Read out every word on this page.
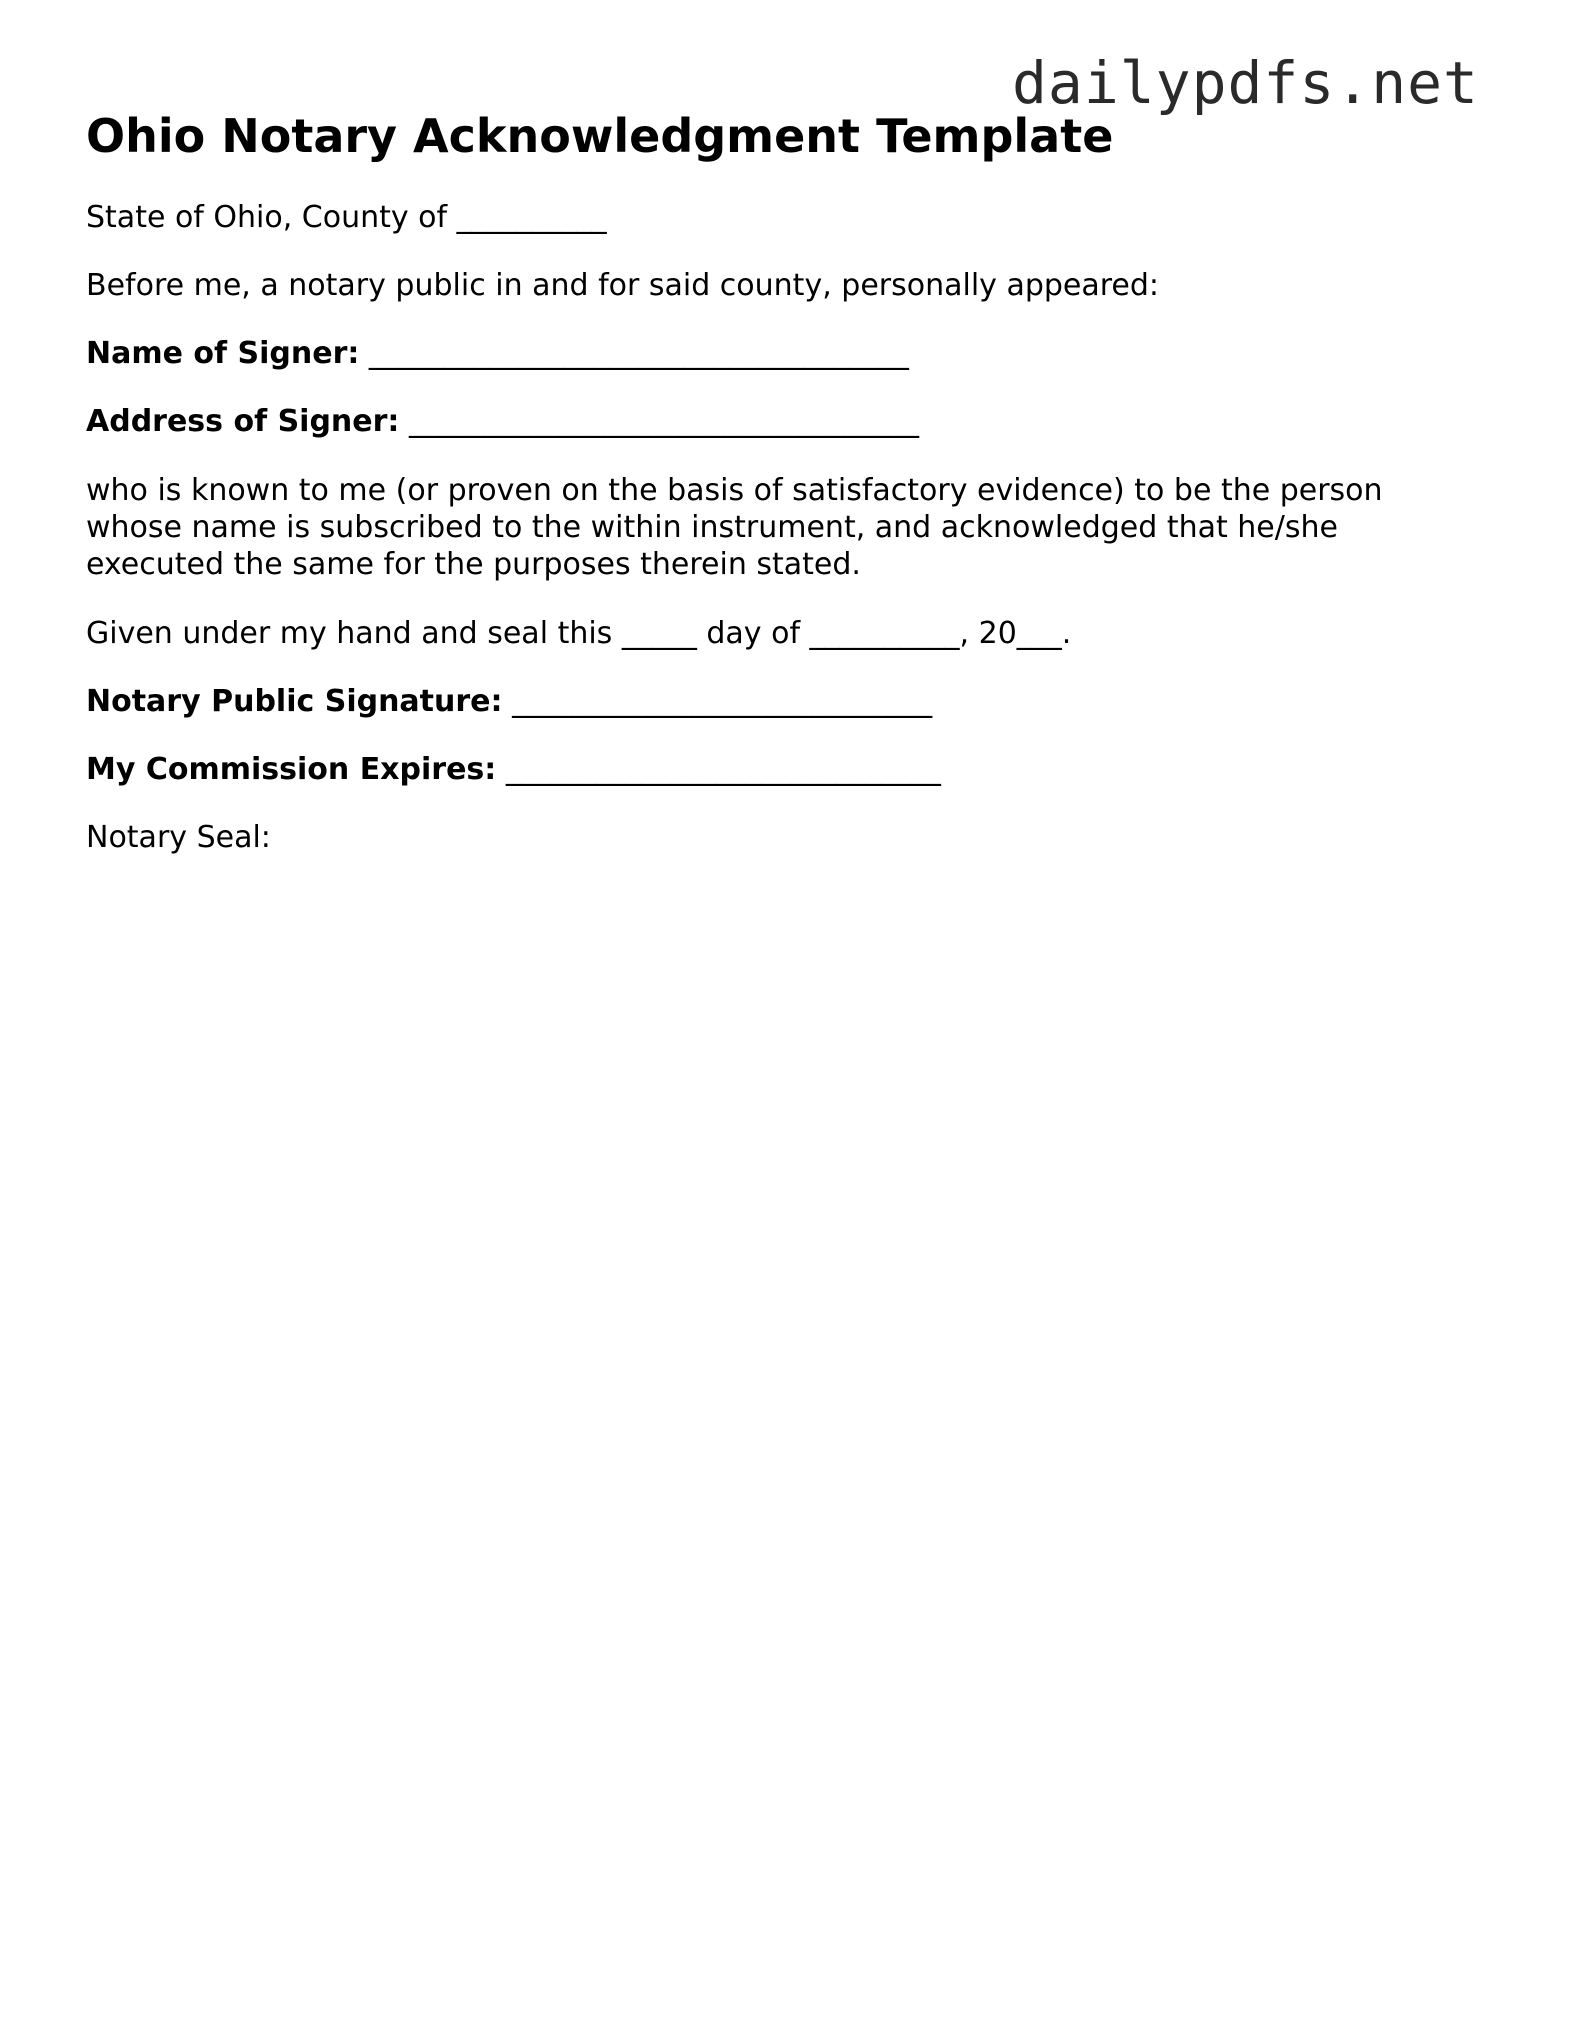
dailypdfs.net
Ohio Notary Acknowledgment Template

State of Ohio, County of __________

Before me, a notary public in and for said county, personally appeared:

Name of Signer: ____________________________________

Address of Signer: __________________________________

who is known to me (or proven on the basis of satisfactory evidence) to be the person
whose name is subscribed to the within instrument, and acknowledged that he/she
executed the same for the purposes therein stated.

Given under my hand and seal this _____ day of __________, 20___.

Notary Public Signature: ____________________________

My Commission Expires: _____________________________

Notary Seal:
